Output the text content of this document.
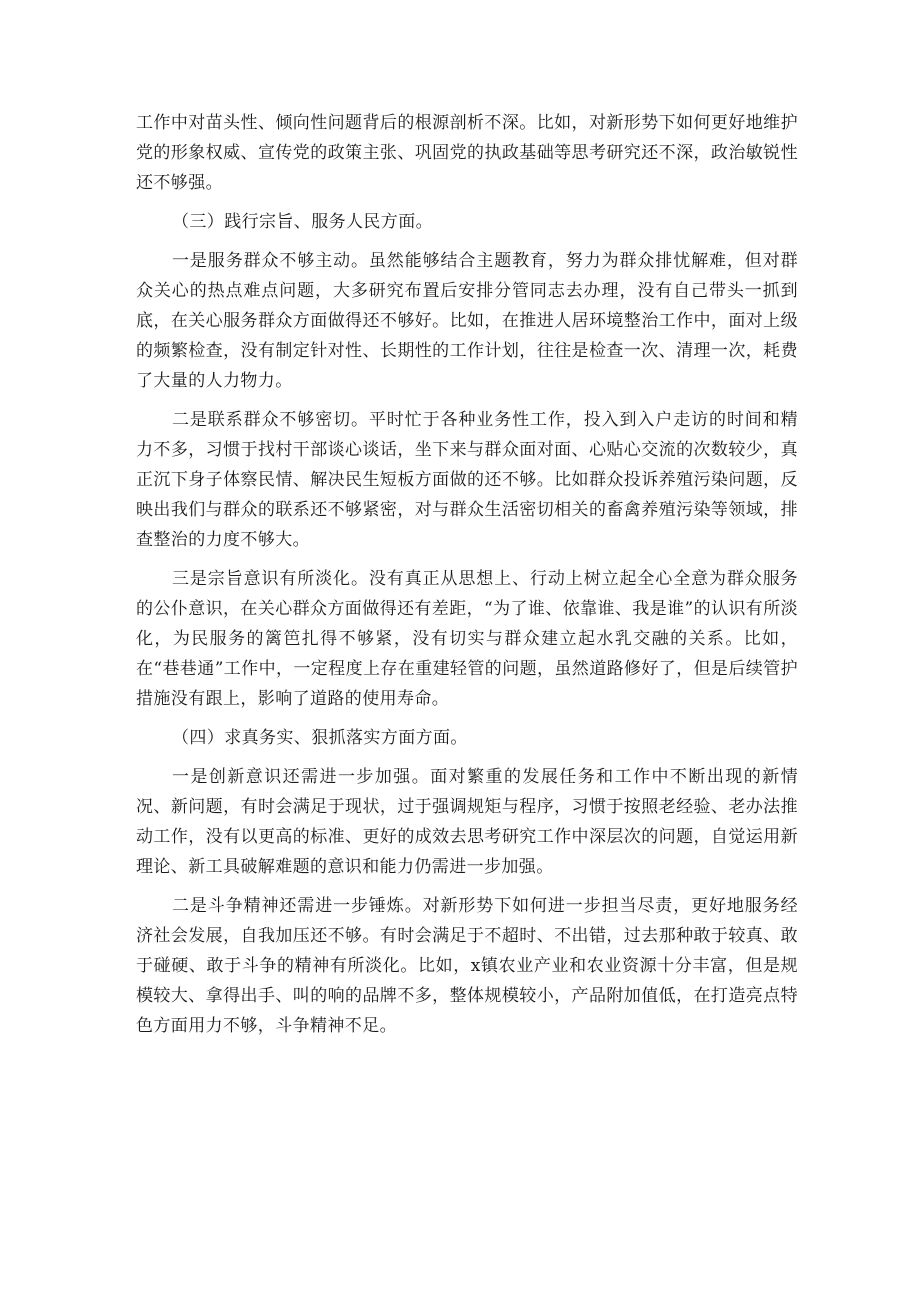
工作中对苗头性、倾向性问题背后的根源剖析不深。比如，对新形势下如何更好地维护党的形象权威、宣传党的政策主张、巩固党的执政基础等思考研究还不深，政治敏锐性还不够强。

（三）践行宗旨、服务人民方面。

一是服务群众不够主动。虽然能够结合主题教育，努力为群众排忧解难，但对群众关心的热点难点问题，大多研究布置后安排分管同志去办理，没有自己带头一抓到底，在关心服务群众方面做得还不够好。比如，在推进人居环境整治工作中，面对上级的频繁检查，没有制定针对性、长期性的工作计划，往往是检查一次、清理一次，耗费了大量的人力物力。

二是联系群众不够密切。平时忙于各种业务性工作，投入到入户走访的时间和精力不多，习惯于找村干部谈心谈话，坐下来与群众面对面、心贴心交流的次数较少，真正沉下身子体察民情、解决民生短板方面做的还不够。比如群众投诉养殖污染问题，反映出我们与群众的联系还不够紧密，对与群众生活密切相关的畜禽养殖污染等领域，排查整治的力度不够大。

三是宗旨意识有所淡化。没有真正从思想上、行动上树立起全心全意为群众服务的公仆意识，在关心群众方面做得还有差距，“为了谁、依靠谁、我是谁”的认识有所淡化，为民服务的篱笆扎得不够紧，没有切实与群众建立起水乳交融的关系。比如，在“巷巷通”工作中，一定程度上存在重建轻管的问题，虽然道路修好了，但是后续管护措施没有跟上，影响了道路的使用寿命。

（四）求真务实、狠抓落实方面方面。

一是创新意识还需进一步加强。面对繁重的发展任务和工作中不断出现的新情况、新问题，有时会满足于现状，过于强调规矩与程序，习惯于按照老经验、老办法推动工作，没有以更高的标准、更好的成效去思考研究工作中深层次的问题，自觉运用新理论、新工具破解难题的意识和能力仍需进一步加强。

二是斗争精神还需进一步锤炼。对新形势下如何进一步担当尽责，更好地服务经济社会发展，自我加压还不够。有时会满足于不超时、不出错，过去那种敢于较真、敢于碰硬、敢于斗争的精神有所淡化。比如，x镇农业产业和农业资源十分丰富，但是规模较大、拿得出手、叫的响的品牌不多，整体规模较小，产品附加值低，在打造亮点特色方面用力不够，斗争精神不足。
